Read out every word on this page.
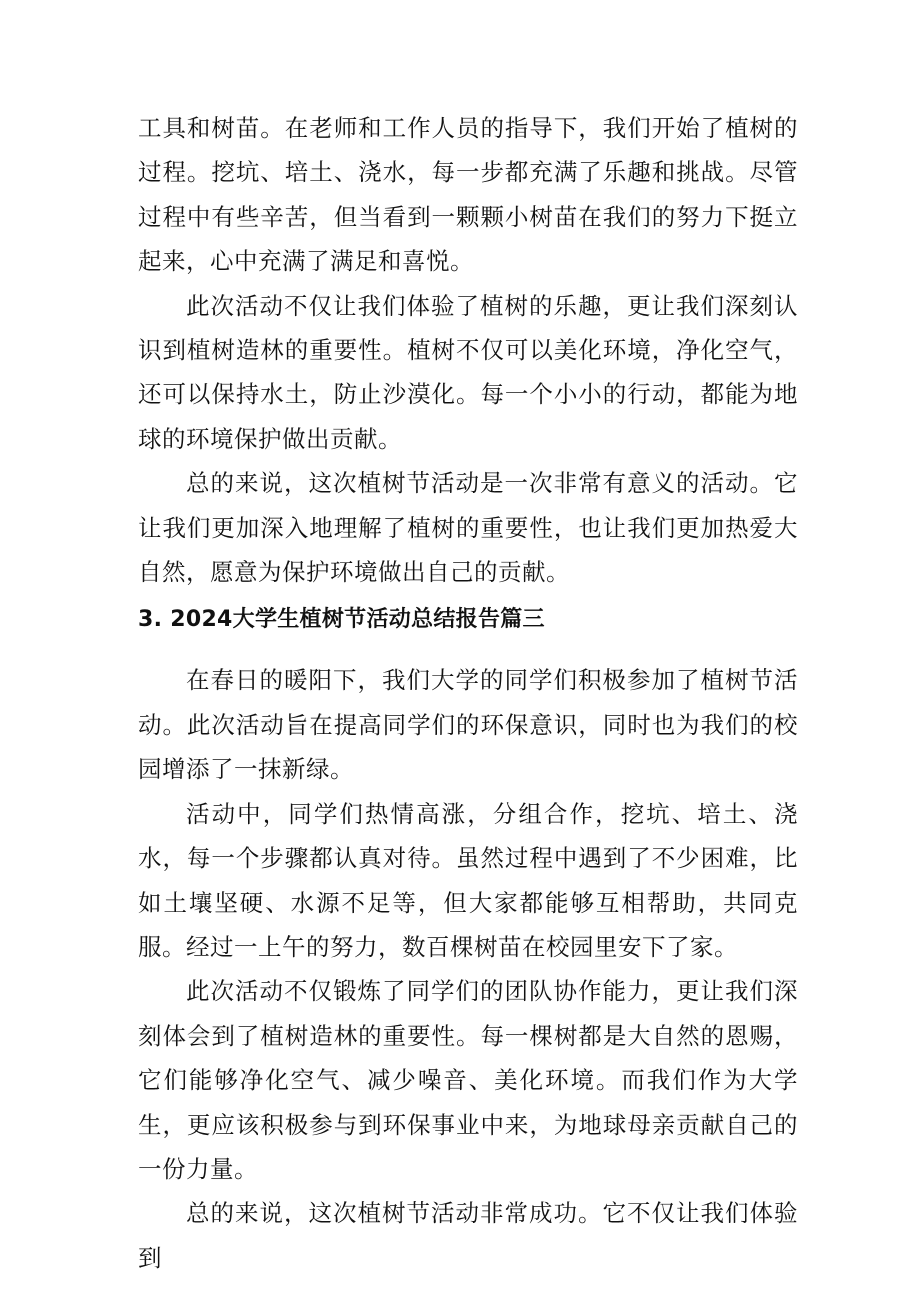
工具和树苗。在老师和工作人员的指导下，我们开始了植树的过程。挖坑、培土、浇水，每一步都充满了乐趣和挑战。尽管过程中有些辛苦，但当看到一颗颗小树苗在我们的努力下挺立起来，心中充满了满足和喜悦。

此次活动不仅让我们体验了植树的乐趣，更让我们深刻认识到植树造林的重要性。植树不仅可以美化环境，净化空气，还可以保持水土，防止沙漠化。每一个小小的行动，都能为地球的环境保护做出贡献。

总的来说，这次植树节活动是一次非常有意义的活动。它让我们更加深入地理解了植树的重要性，也让我们更加热爱大自然，愿意为保护环境做出自己的贡献。

3. 2024大学生植树节活动总结报告篇三

在春日的暖阳下，我们大学的同学们积极参加了植树节活动。此次活动旨在提高同学们的环保意识，同时也为我们的校园增添了一抹新绿。

活动中，同学们热情高涨，分组合作，挖坑、培土、浇水，每一个步骤都认真对待。虽然过程中遇到了不少困难，比如土壤坚硬、水源不足等，但大家都能够互相帮助，共同克服。经过一上午的努力，数百棵树苗在校园里安下了家。

此次活动不仅锻炼了同学们的团队协作能力，更让我们深刻体会到了植树造林的重要性。每一棵树都是大自然的恩赐，它们能够净化空气、减少噪音、美化环境。而我们作为大学生，更应该积极参与到环保事业中来，为地球母亲贡献自己的一份力量。

总的来说，这次植树节活动非常成功。它不仅让我们体验到
